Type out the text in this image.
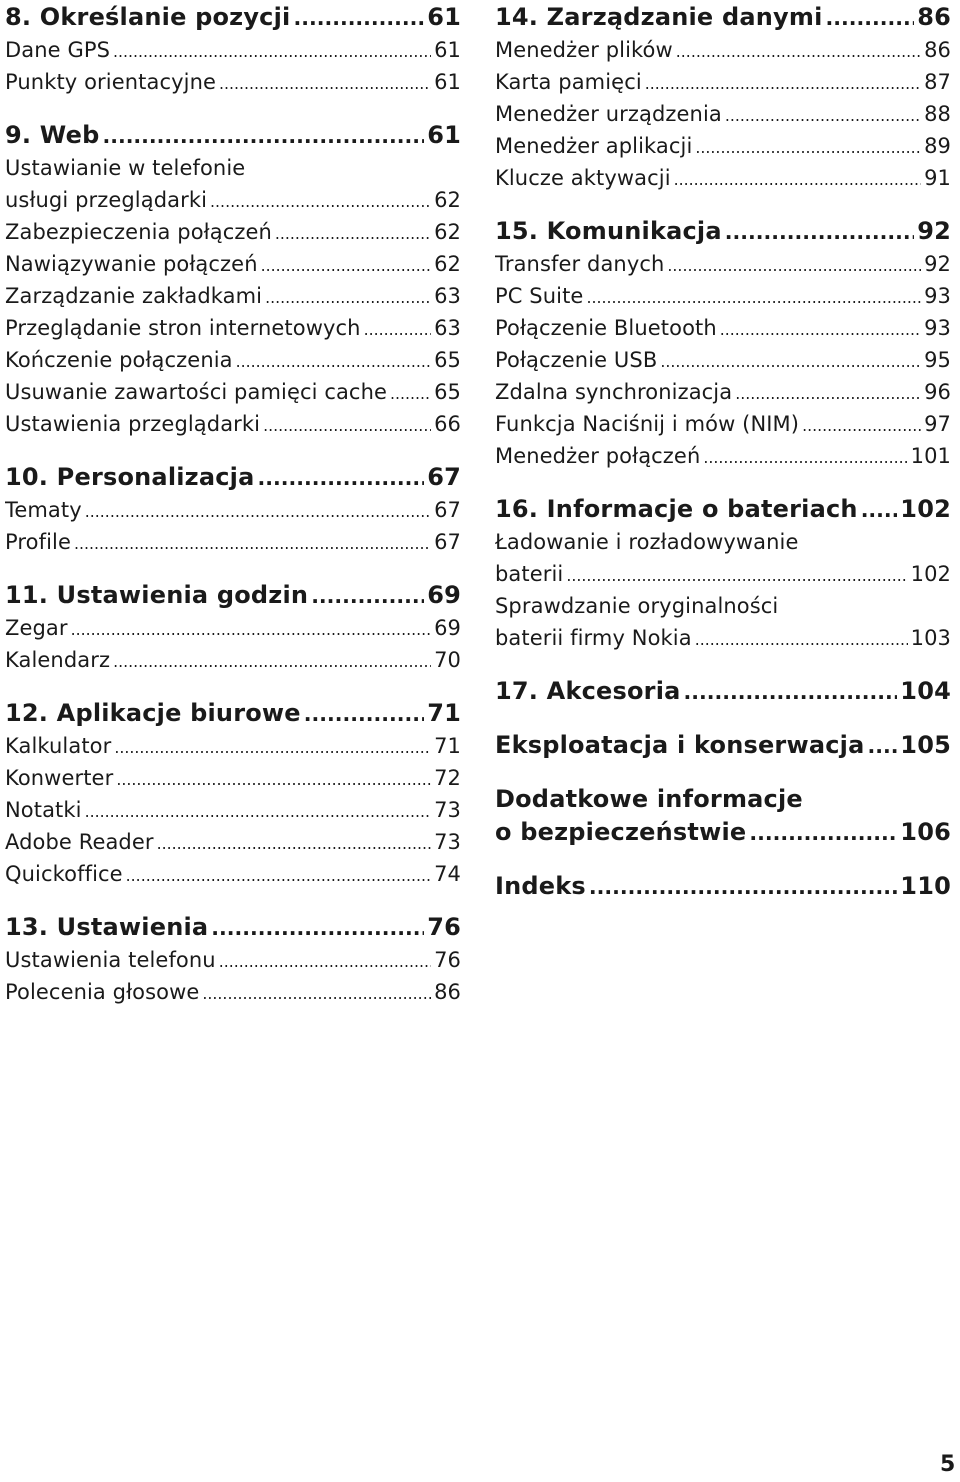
8. Określanie pozycji .....	61
Dane GPS .....	61
Punkty orientacyjne .....	61
9. Web .....	61
Ustawianie w telefonie
usługi przeglądarki .....	62
Zabezpieczenia połączeń .....	62
Nawiązywanie połączeń .....	62
Zarządzanie zakładkami .....	63
Przeglądanie stron internetowych .....	63
Kończenie połączenia .....	65
Usuwanie zawartości pamięci cache ..... 65
Ustawienia przeglądarki .....	66
10. Personalizacja .....	67
Tematy .....	67
Profile .....	67
11. Ustawienia godzin .....	69
Zegar .....	69
Kalendarz .....	70
12. Aplikacje biurowe .....	71
Kalkulator .....	71
Konwerter .....	72
Notatki .....	73
Adobe Reader .....	73
Quickoffice .....	74
13. Ustawienia .....	76
Ustawienia telefonu .....	76
Polecenia głosowe .....	86
14. Zarządzanie danymi .....	86
Menedżer plików .....	86
Karta pamięci .....	87
Menedżer urządzenia .....	88
Menedżer aplikacji .....	89
Klucze aktywacji .....	91
15. Komunikacja .....	92
Transfer danych .....	92
PC Suite .....	93
Połączenie Bluetooth .....	93
Połączenie USB .....	95
Zdalna synchronizacja .....	96
Funkcja Naciśnij i mów (NIM) .....	97
Menedżer połączeń .....	101
16. Informacje o bateriach ..... 102
Ładowanie i rozładowywanie
baterii .....	102
Sprawdzanie oryginalności
baterii firmy Nokia .....	103
17. Akcesoria .....	104
Eksploatacja i konserwacja ..... 105
Dodatkowe informacje
o bezpieczeństwie .....	106
Indeks .....	110
5
